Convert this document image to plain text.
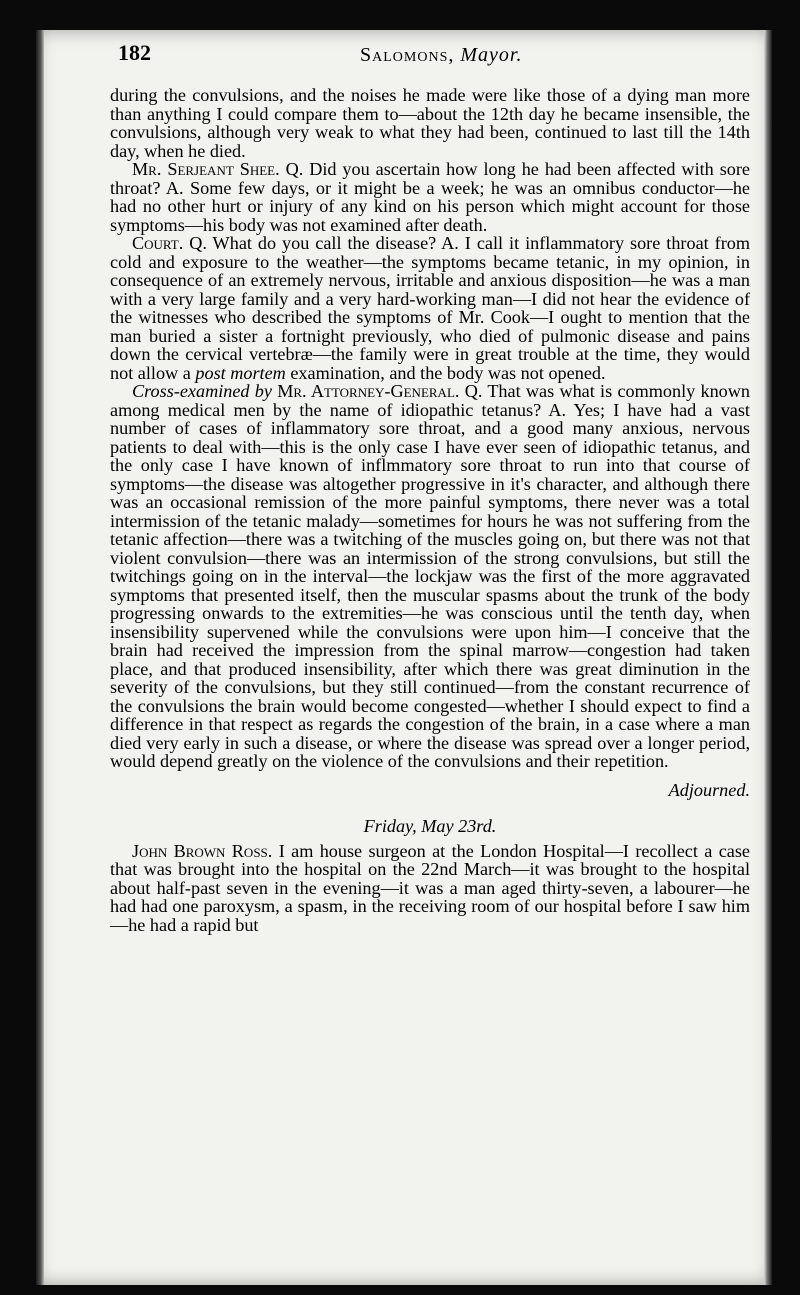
182	Salomons, Mayor.

during the convulsions, and the noises he made were like those of a dying man more than anything I could compare them to—about the 12th day he became insensible, the convulsions, although very weak to what they had been, continued to last till the 14th day, when he died.

Mr. Serjeant Shee. Q. Did you ascertain how long he had been affected with sore throat? A. Some few days, or it might be a week; he was an omnibus conductor—he had no other hurt or injury of any kind on his person which might account for those symptoms—his body was not examined after death.

Court. Q. What do you call the disease? A. I call it inflammatory sore throat from cold and exposure to the weather—the symptoms became tetanic, in my opinion, in consequence of an extremely nervous, irritable and anxious disposition—he was a man with a very large family and a very hard-working man—I did not hear the evidence of the witnesses who described the symptoms of Mr. Cook—I ought to mention that the man buried a sister a fortnight previously, who died of pulmonic disease and pains down the cervical vertebræ—the family were in great trouble at the time, they would not allow a post mortem examination, and the body was not opened.

Cross-examined by Mr. Attorney-General. Q. That was what is commonly known among medical men by the name of idiopathic tetanus? A. Yes; I have had a vast number of cases of inflammatory sore throat, and a good many anxious, nervous patients to deal with—this is the only case I have ever seen of idiopathic tetanus, and the only case I have known of inflmmatory sore throat to run into that course of symptoms—the disease was altogether progressive in it's character, and although there was an occasional remission of the more painful symptoms, there never was a total intermission of the tetanic malady—sometimes for hours he was not suffering from the tetanic affection—there was a twitching of the muscles going on, but there was not that violent convulsion—there was an intermission of the strong convulsions, but still the twitchings going on in the interval—the lockjaw was the first of the more aggravated symptoms that presented itself, then the muscular spasms about the trunk of the body progressing onwards to the extremities—he was conscious until the tenth day, when insensibility supervened while the convulsions were upon him—I conceive that the brain had received the impression from the spinal marrow—congestion had taken place, and that produced insensibility, after which there was great diminution in the severity of the convulsions, but they still continued—from the constant recurrence of the convulsions the brain would become congested—whether I should expect to find a difference in that respect as regards the congestion of the brain, in a case where a man died very early in such a disease, or where the disease was spread over a longer period, would depend greatly on the violence of the convulsions and their repetition.

Adjourned.

Friday, May 23rd.

John Brown Ross. I am house surgeon at the London Hospital—I recollect a case that was brought into the hospital on the 22nd March—it was brought to the hospital about half-past seven in the evening—it was a man aged thirty-seven, a labourer—he had had one paroxysm, a spasm, in the receiving room of our hospital before I saw him—he had a rapid but
